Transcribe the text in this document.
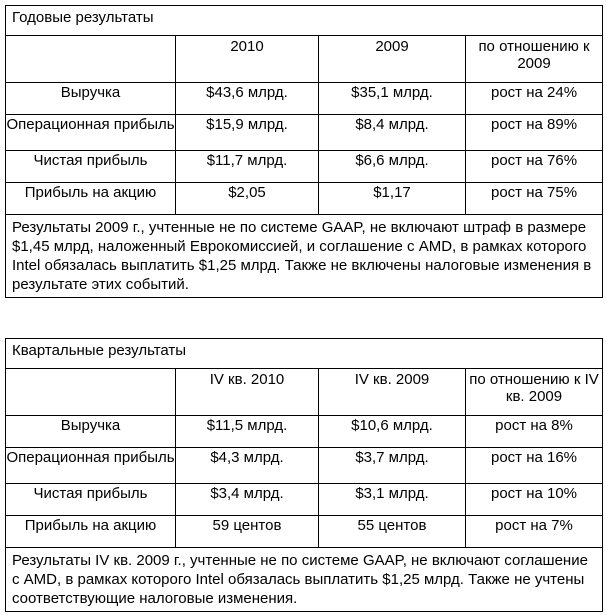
Годовые результаты			
	2010	2009	по отношению к 2009
Выручка	$43,6 млрд.	$35,1 млрд.	рост на 24%
Операционная прибыль	$15,9 млрд.	$8,4 млрд.	рост на 89%
Чистая прибыль	$11,7 млрд.	$6,6 млрд.	рост на 76%
Прибыль на акцию	$2,05	$1,17	рост на 75%
Результаты 2009 г., учтенные не по системе GAAP, не включают штраф в размере $1,45 млрд, наложенный Еврокомиссией, и соглашение с AMD, в рамках которого Intel обязалась выплатить $1,25 млрд. Также не включены налоговые изменения в результате этих событий.			
Квартальные результаты			
	IV кв. 2010	IV кв. 2009	по отношению к IV кв. 2009
Выручка	$11,5 млрд.	$10,6 млрд.	рост на 8%
Операционная прибыль	$4,3 млрд.	$3,7 млрд.	рост на 16%
Чистая прибыль	$3,4 млрд.	$3,1 млрд.	рост на 10%
Прибыль на акцию	59 центов	55 центов	рост на 7%
Результаты IV кв. 2009 г., учтенные не по системе GAAP, не включают соглашение с AMD, в рамках которого Intel обязалась выплатить $1,25 млрд. Также не учтены соответствующие налоговые изменения.			
